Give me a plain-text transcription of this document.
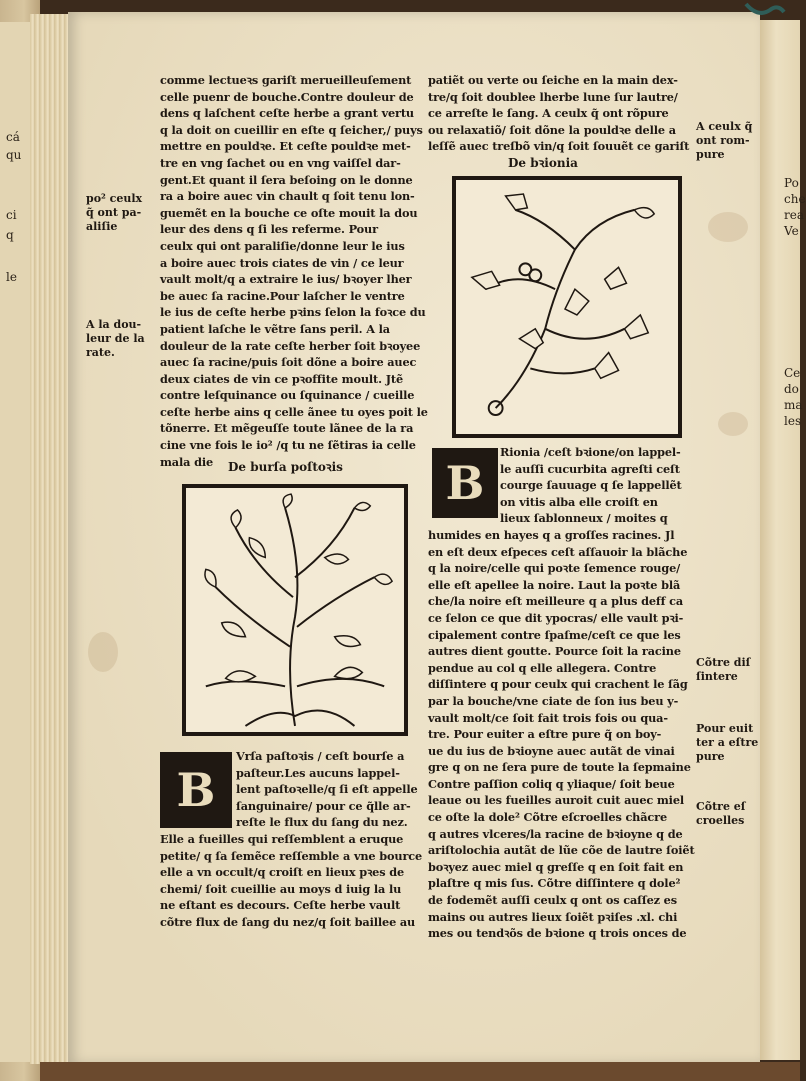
cá
qu
ci
q
le
Po
che
rea
Ve
Ce
do
ma
les

comme lectueꝛs gariſt merueilleuſement

celle puenr de bouche.Contre douleur de

dens q laſchent ceſte herbe a grant vertu

q la doit on cueillir en eſte q ſeicher,/ puys

mettre en pouldꝛe. Et ceſte pouldꝛe met-

tre en vng ſachet ou en vng vaiſſel dar-

gent.Et quant il ſera beſoing on le donne

ra a boire auec vin chault q ſoit tenu lon-

guemẽt en la bouche ce oſte mouit la dou

leur des dens q ſi les referme. Pour

ceulx qui ont paraliſie/donne leur le ius

a boire auec trois ciates de vin / ce leur

vault molt/q a extraire le ius/ bꝛoyer lher

be auec ſa racine.Pour laſcher le ventre

le ius de ceſte herbe pꝛins ſelon la foꝛce du

patient laſche le vẽtre ſans peril. A la

douleur de la rate ceſte herber ſoit bꝛoyee

auec ſa racine/puis ſoit dõne a boire auec

deux ciates de vin ce pꝛoffite moult. Jtẽ

contre leſquinance ou ſquinance / cueille

ceſte herbe ains q celle ãnee tu oyes poit le

tõnerre. Et mẽgeuſſe toute lãnee de la ra

cine vne fois le io² /q tu ne ſẽtiras ia celle

mala die

po² ceulx

q̃ ont pa-

aliſie

A la dou-

leur de la

rate.

De burſa poſtoꝛis
B

Vrſa paſtoꝛis / ceſt bourſe a

paſteur.Les aucuns lappel-

lent paſtoꝛelle/q ſi eſt appelle

ſanguinaire/ pour ce q̃lle ar-

reſte le flux du ſang du nez.

Elle a fueilles qui reſſemblent a eruque

petite/ q ſa ſemẽce reſſemble a vne bource

elle a vn occult/q croiſt en lieux pꝛes de

chemi/ ſoit cueillie au moys d iuig la lu

ne eſtant es decours. Ceſte herbe vault

cõtre flux de ſang du nez/q ſoit baillee au

patiẽt ou verte ou ſeiche en la main dex-

tre/q ſoit doublee lherbe lune ſur lautre/

ce arreſte le ſang. A ceulx q̃ ont rõpure

ou relaxatiõ/ ſoit dõne la pouldꝛe delle a

leſſẽ auec treſbõ vin/q ſoit ſouuẽt ce gariſt

De bꝛionia
B

Rionia /ceſt bꝛione/on lappel-

le auſſi cucurbita agreſti ceſt

courge ſauuage q ſe lappellẽt

on vitis alba elle croiſt en

lieux ſablonneux / moites q

humides en hayes q a groſſes racines. Jl

en eſt deux eſpeces ceſt aſſauoir la blãche

q la noire/celle qui poꝛte ſemence rouge/

elle eſt apellee la noire. Laut la poꝛte blã

che/la noire eſt meilleure q a plus deff ca

ce ſelon ce que dit ypocras/ elle vault pꝛi-

cipalement contre ſpaſme/ceſt ce que les

autres dient goutte. Pource ſoit la racine

pendue au col q elle allegera. Contre

diſſintere q pour ceulx qui crachent le ſãg

par la bouche/vne ciate de ſon ius beu y-

vault molt/ce ſoit fait trois fois ou qua-

tre. Pour euiter a eſtre pure q̃ on boy-

ue du ius de bꝛioyne auec autãt de vinai

gre q on ne ſera pure de toute la ſepmaine

Contre paſſion coliq q yliaque/ ſoit beue

leaue ou les fueilles auroit cuit auec miel

ce oſte la dole² Cõtre eſcroelles chãcre

q autres vlceres/la racine de bꝛioyne q de

ariſtolochia autãt de lũe cõe de lautre ſoiẽt

boꝛyez auec miel q greſſe q en ſoit fait en

plaſtre q mis ſus. Cõtre diſſintere q dole²

de fodemẽt auſſi ceulx q ont os caſſez es

mains ou autres lieux ſoiẽt pꝛiſes .xl. chi

mes ou tendꝛõs de bꝛione q trois onces de

A ceulx q̃

ont rom-

pure

Cõtre diſ

ſintere

Pour euit

ter a eſtre

pure

Cõtre eſ

croelles
